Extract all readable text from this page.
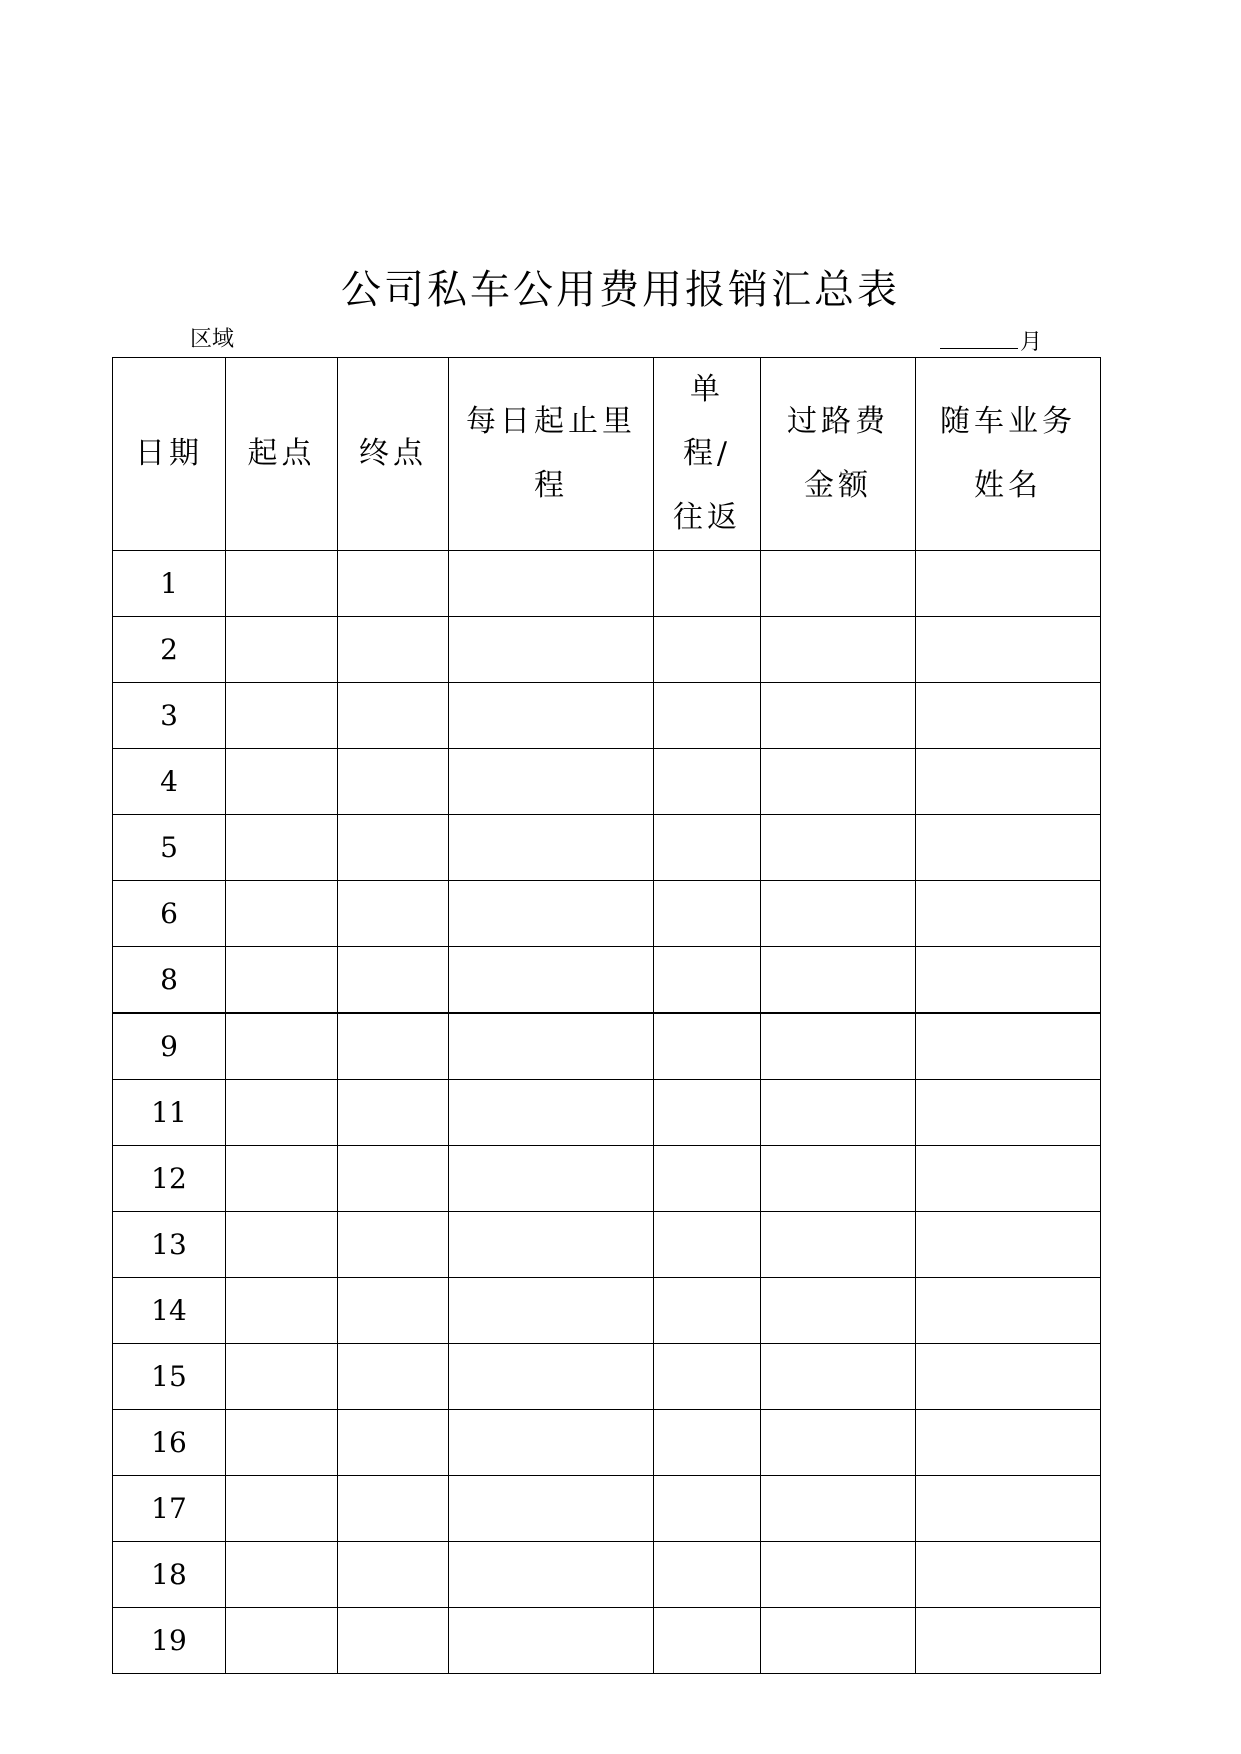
公司私车公用费用报销汇总表
区域	月
日期	起点	终点	每日起止里程	单程/往返	过路费金额	随车业务姓名
1						
2						
3						
4						
5						
6						
8						
9						
11						
12						
13						
14						
15						
16						
17						
18						
19						
